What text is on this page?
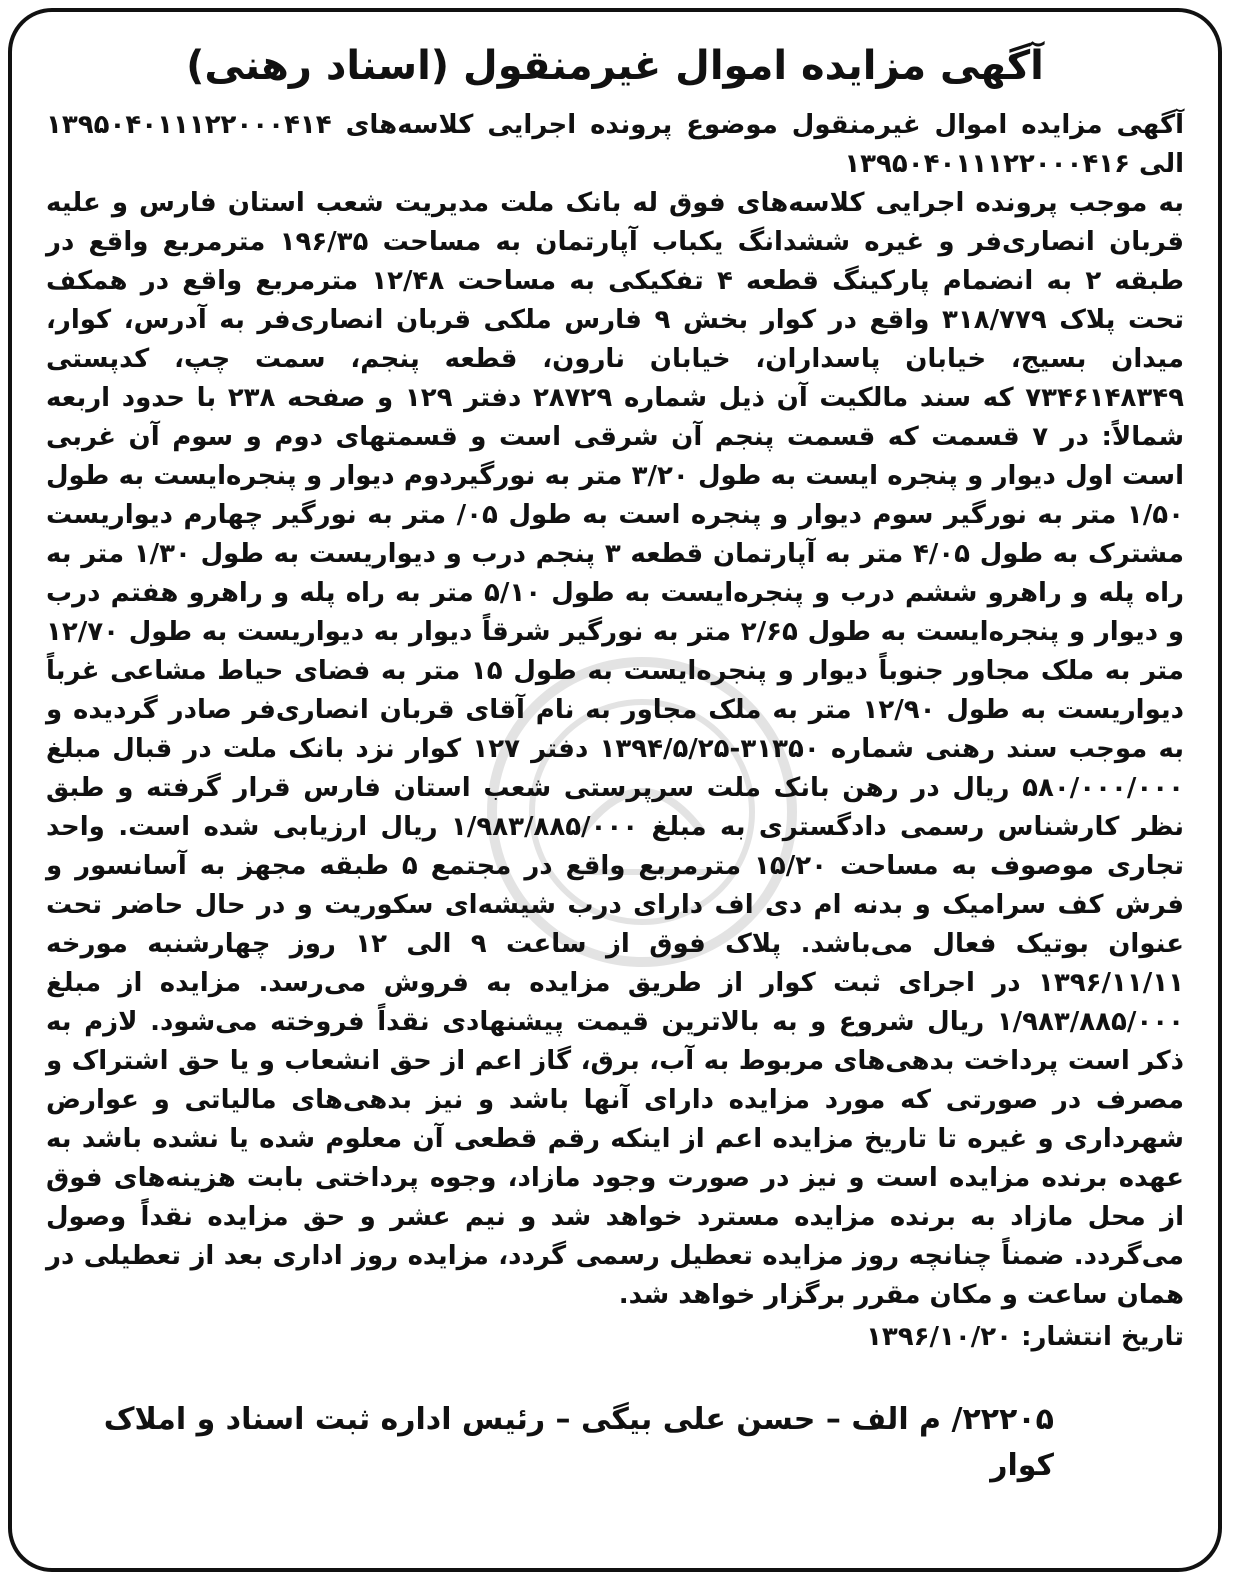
آگهی مزایده اموال غیرمنقول (اسناد رهنی)

آگهی مزایده اموال غیرمنقول موضوع پرونده اجرایی کلاسه‌های ۱۳۹۵۰۴۰۱۱۱۲۲۰۰۰۴۱۴ الی ۱۳۹۵۰۴۰۱۱۱۲۲۰۰۰۴۱۶

به موجب پرونده اجرایی کلاسه‌های فوق له بانک ملت مدیریت شعب استان فارس و علیه قربان انصاری‌فر و غیره ششدانگ یکباب آپارتمان به مساحت ۱۹۶/۳۵ مترمربع واقع در طبقه ۲ به انضمام پارکینگ قطعه ۴ تفکیکی به مساحت ۱۲/۴۸ مترمربع واقع در همکف تحت پلاک ۳۱۸/۷۷۹ واقع در کوار بخش ۹ فارس ملکی قربان انصاری‌فر به آدرس، کوار، میدان بسیج، خیابان پاسداران، خیابان نارون، قطعه پنجم، سمت چپ، کدپستی ۷۳۴۶۱۴۸۳۴۹ که سند مالکیت آن ذیل شماره ۲۸۷۲۹ دفتر ۱۲۹ و صفحه ۲۳۸ با حدود اربعه شمالاً: در ۷ قسمت که قسمت پنجم آن شرقی است و قسمتهای دوم و سوم آن غربی است اول دیوار و پنجره ایست به طول ۳/۲۰ متر به نورگیردوم دیوار و پنجره‌ایست به طول ۱/۵۰ متر به نورگیر سوم دیوار و پنجره است به طول ۰۵/ متر به نورگیر چهارم دیواریست مشترک به طول ۴/۰۵ متر به آپارتمان قطعه ۳ پنجم درب و دیواریست به طول ۱/۳۰ متر به راه پله و راهرو ششم درب و پنجره‌ایست به طول ۵/۱۰ متر به راه پله و راهرو هفتم درب و دیوار و پنجره‌ایست به طول ۲/۶۵ متر به نورگیر شرقاً دیوار به دیواریست به طول ۱۲/۷۰ متر به ملک مجاور جنوباً دیوار و پنجره‌ایست به طول ۱۵ متر به فضای حیاط مشاعی غرباً دیواریست به طول ۱۲/۹۰ متر به ملک مجاور به نام آقای قربان انصاری‌فر صادر گردیده و به موجب سند رهنی شماره ۳۱۳۵۰-۱۳۹۴/۵/۲۵ دفتر ۱۲۷ کوار نزد بانک ملت در قبال مبلغ ۵۸۰/۰۰۰/۰۰۰ ریال در رهن بانک ملت سرپرستی شعب استان فارس قرار گرفته و طبق نظر کارشناس رسمی دادگستری به مبلغ ۱/۹۸۳/۸۸۵/۰۰۰ ریال ارزیابی شده است. واحد تجاری موصوف به مساحت ۱۵/۲۰ مترمربع واقع در مجتمع ۵ طبقه مجهز به آسانسور و فرش کف سرامیک و بدنه ام دی اف دارای درب شیشه‌ای سکوریت و در حال حاضر تحت عنوان بوتیک فعال می‌باشد. پلاک فوق از ساعت ۹ الی ۱۲ روز چهارشنبه مورخه ۱۳۹۶/۱۱/۱۱ در اجرای ثبت کوار از طریق مزایده به فروش می‌رسد. مزایده از مبلغ ۱/۹۸۳/۸۸۵/۰۰۰ ریال شروع و به بالاترین قیمت پیشنهادی نقداً فروخته می‌شود. لازم به ذکر است پرداخت بدهی‌های مربوط به آب، برق، گاز اعم از حق انشعاب و یا حق اشتراک و مصرف در صورتی که مورد مزایده دارای آنها باشد و نیز بدهی‌های مالیاتی و عوارض شهرداری و غیره تا تاریخ مزایده اعم از اینکه رقم قطعی آن معلوم شده یا نشده باشد به عهده برنده مزایده است و نیز در صورت وجود مازاد، وجوه پرداختی بابت هزینه‌های فوق از محل مازاد به برنده مزایده مسترد خواهد شد و نیم عشر و حق مزایده نقداً وصول می‌گردد. ضمناً چنانچه روز مزایده تعطیل رسمی گردد، مزایده روز اداری بعد از تعطیلی در همان ساعت و مکان مقرر برگزار خواهد شد.

تاریخ انتشار: ۱۳۹۶/۱۰/۲۰

۲۲۲۰۵/ م الف – حسن علی بیگی – رئیس اداره ثبت اسناد و املاک کوار
